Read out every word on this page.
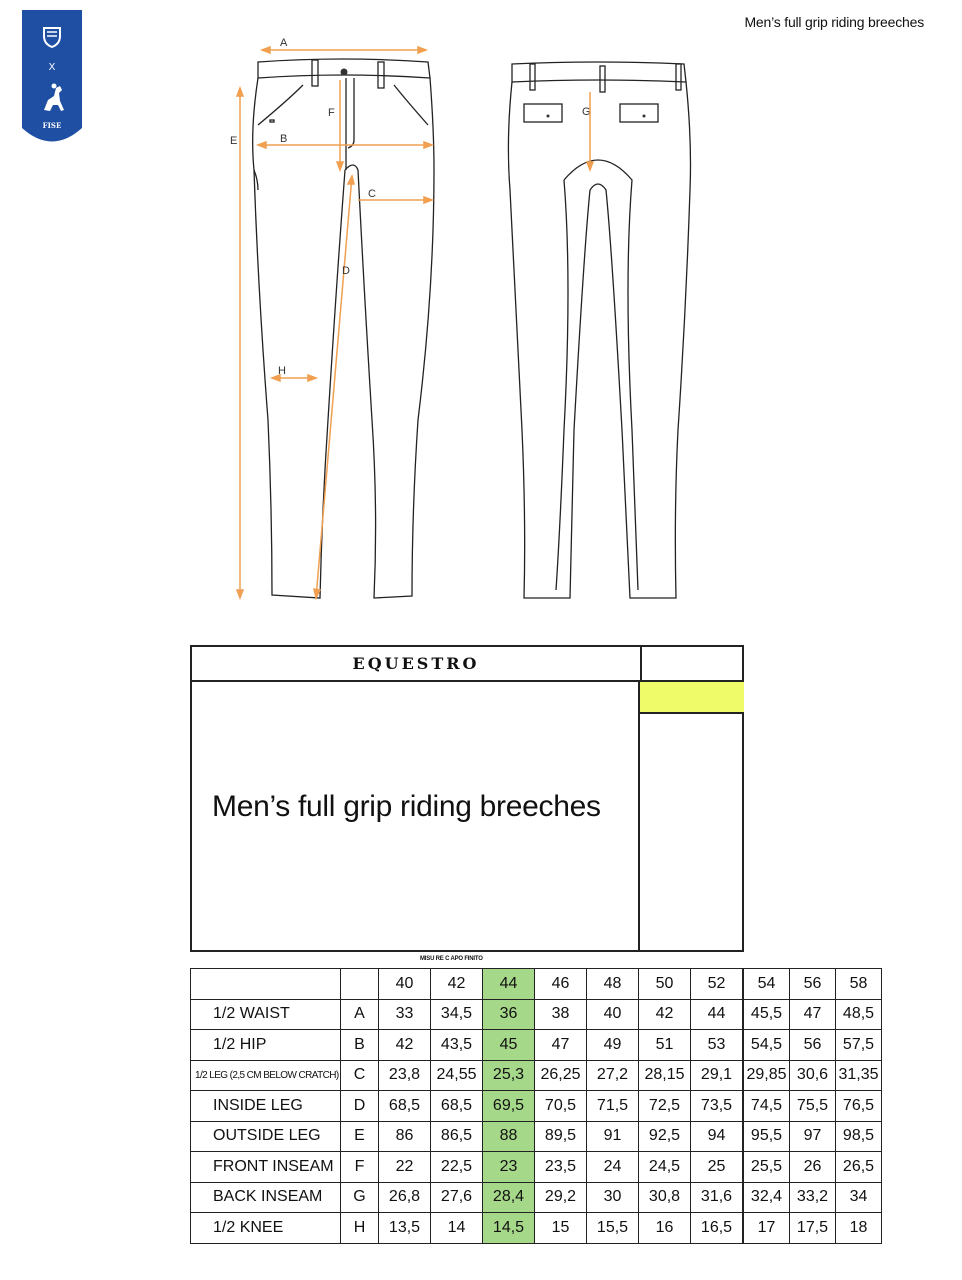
Men’s full grip riding breeches
X
FISE
A
B
C
D
E
F	G
H
EQUESTRO
Men’s full grip riding breeches
MISU RE C APO FINITO
		40	42	44	46	48	50	52	54	56	58
1/2 WAIST	A	33	34,5	36	38	40	42	44	45,5	47	48,5
1/2 HIP	B	42	43,5	45	47	49	51	53	54,5	56	57,5
1/2 LEG (2,5 CM BELOW CRATCH)	C	23,8	24,55	25,3	26,25	27,2	28,15	29,1	29,85	30,6	31,35
INSIDE LEG	D	68,5	68,5	69,5	70,5	71,5	72,5	73,5	74,5	75,5	76,5
OUTSIDE LEG	E	86	86,5	88	89,5	91	92,5	94	95,5	97	98,5
FRONT INSEAM	F	22	22,5	23	23,5	24	24,5	25	25,5	26	26,5
BACK INSEAM	G	26,8	27,6	28,4	29,2	30	30,8	31,6	32,4	33,2	34
1/2 KNEE	H	13,5	14	14,5	15	15,5	16	16,5	17	17,5	18
